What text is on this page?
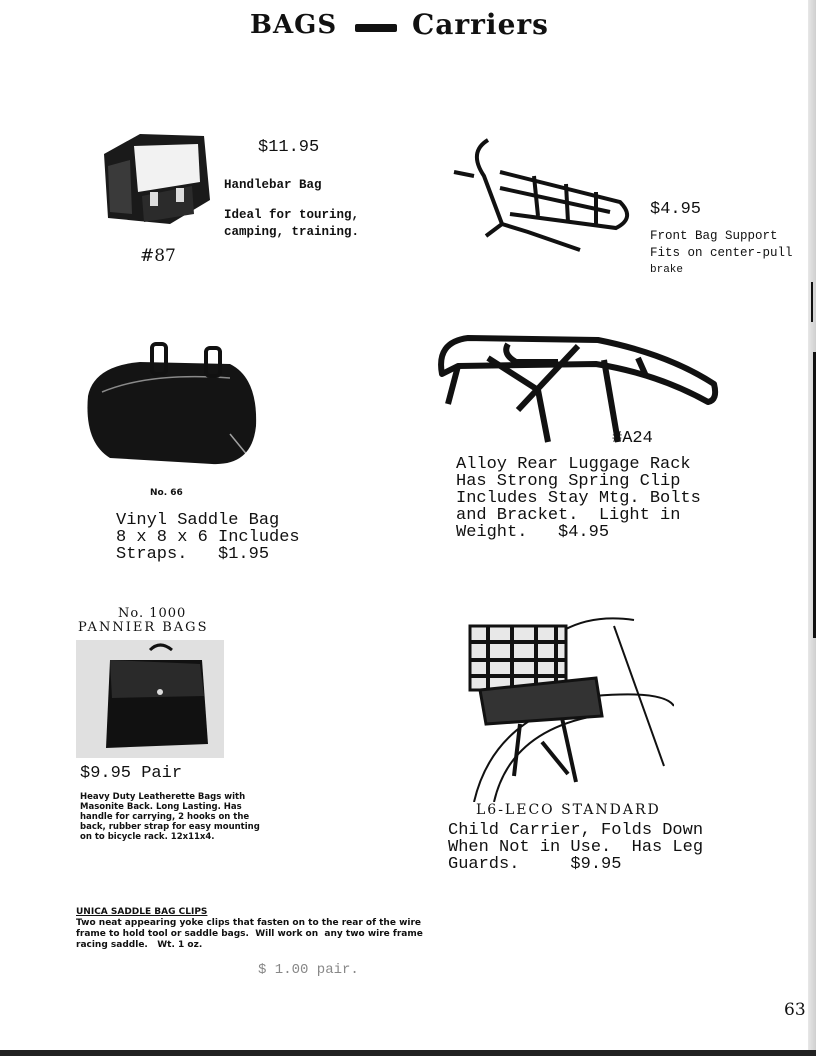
BAGS	Carriers
#87
$11.95
Handlebar Bag
Ideal for touring,
camping, training.
$4.95
Front Bag Support
Fits on center-pull
brake
No. 66
Vinyl Saddle Bag
8 x 8 x 6 Includes
Straps.   $1.95
#A24
Alloy Rear Luggage Rack
Has Strong Spring Clip
Includes Stay Mtg. Bolts
and Bracket.  Light in
Weight.   $4.95
No. 1000
PANNIER BAGS
$9.95 Pair
Heavy Duty Leatherette Bags with
Masonite Back. Long Lasting. Has
handle for carrying, 2 hooks on the
back, rubber strap for easy mounting
on to bicycle rack. 12x11x4.
L6-LECO STANDARD
Child Carrier, Folds Down
When Not in Use.  Has Leg
Guards.     $9.95
UNICA SADDLE BAG CLIPS
Two neat appearing yoke clips that fasten on to the rear of the wire
frame to hold tool or saddle bags.  Will work on  any two wire frame
racing saddle.   Wt. 1 oz.
$ 1.00 pair.
63
